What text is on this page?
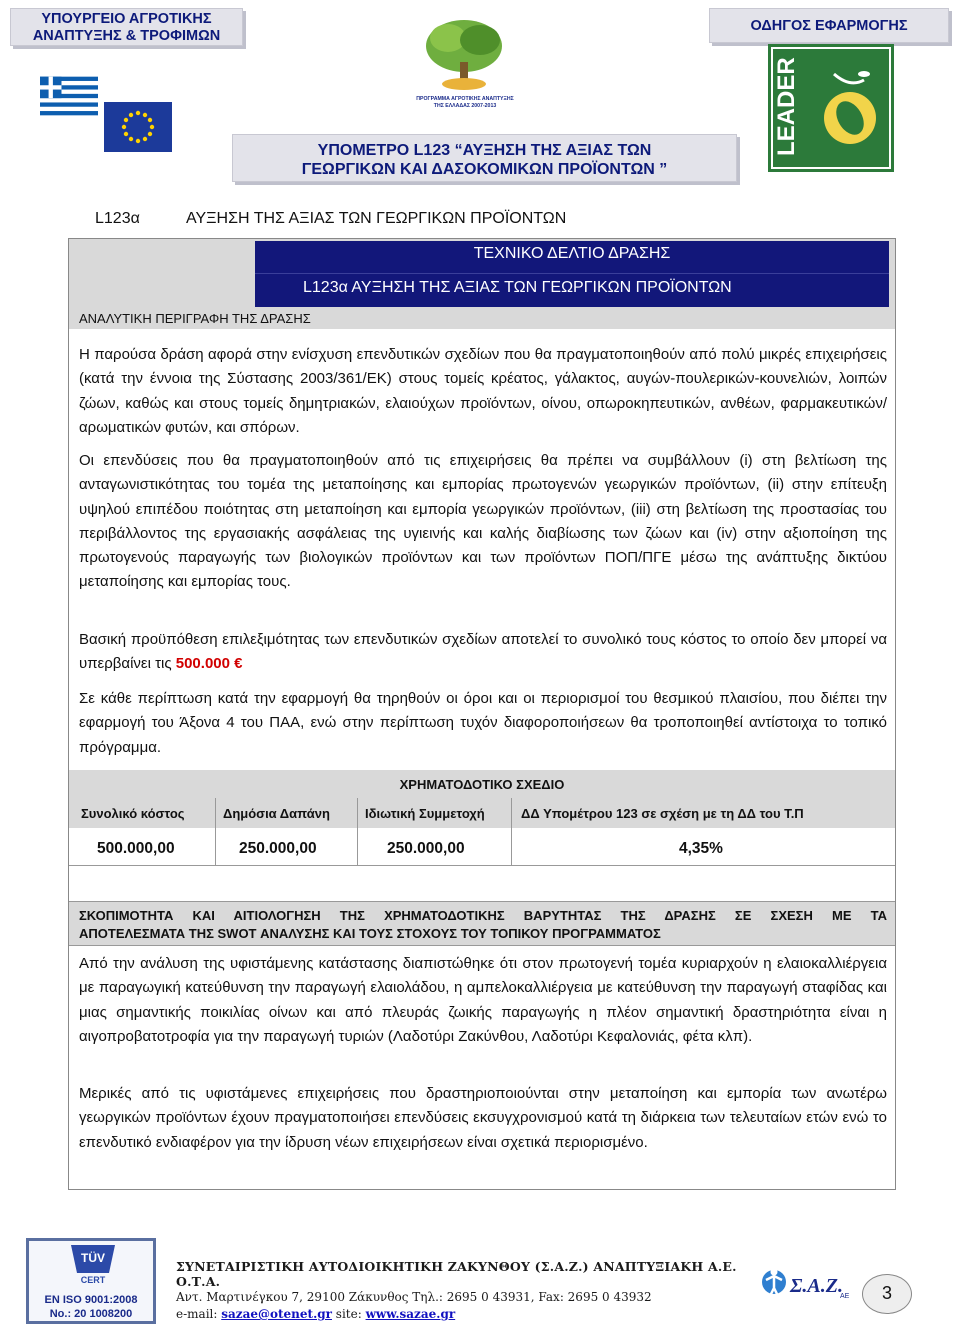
ΥΠΟΥΡΓΕΙΟ ΑΓΡΟΤΙΚΗΣ
ΑΝΑΠΤΥΞΗΣ & ΤΡΟΦΙΜΩΝ
ΟΔΗΓΟΣ ΕΦΑΡΜΟΓΗΣ
ΠΡΟΓΡΑΜΜΑ ΑΓΡΟΤΙΚΗΣ ΑΝΑΠΤΥΞΗΣ
ΤΗΣ ΕΛΛΑΔΑΣ 2007-2013	LEADER
ΥΠΟΜΕΤΡΟ L123 “ΑΥΞΗΣΗ ΤΗΣ ΑΞΙΑΣ ΤΩΝ
ΓΕΩΡΓΙΚΩΝ ΚΑΙ ΔΑΣΟΚΟΜΙΚΩΝ ΠΡΟΪΟΝΤΩΝ ”
L123α	ΑΥΞΗΣΗ ΤΗΣ ΑΞΙΑΣ ΤΩΝ ΓΕΩΡΓΙΚΩΝ ΠΡΟΪΟΝΤΩΝ
ΤΕΧΝΙΚΟ ΔΕΛΤΙΟ ΔΡΑΣΗΣ
L123α ΑΥΞΗΣΗ ΤΗΣ ΑΞΙΑΣ ΤΩΝ ΓΕΩΡΓΙΚΩΝ ΠΡΟΪΟΝΤΩΝ
ΑΝΑΛΥΤΙΚΗ ΠΕΡΙΓΡΑΦΗ ΤΗΣ ΔΡΑΣΗΣ
Η παρούσα δράση αφορά στην ενίσχυση επενδυτικών σχεδίων που θα πραγματοποιηθούν από πολύ μικρές επιχειρήσεις (κατά την έννοια της Σύστασης 2003/361/ΕΚ) στους τομείς κρέατος, γάλακτος, αυγών-πουλερικών-κουνελιών, λοιπών ζώων, καθώς και στους τομείς δημητριακών, ελαιούχων προϊόντων, οίνου, οπωροκηπευτικών, ανθέων, φαρμακευτικών/ αρωματικών φυτών, και σπόρων.
Οι επενδύσεις που θα πραγματοποιηθούν από τις επιχειρήσεις θα πρέπει να συμβάλλουν (i) στη βελτίωση της ανταγωνιστικότητας του τομέα της μεταποίησης και εμπορίας πρωτογενών γεωργικών προϊόντων, (ii) στην επίτευξη υψηλού επιπέδου ποιότητας στη μεταποίηση και εμπορία γεωργικών προϊόντων, (iii) στη βελτίωση της προστασίας του περιβάλλοντος της εργασιακής ασφάλειας της υγιεινής και καλής διαβίωσης των ζώων και (iv) στην αξιοποίηση της πρωτογενούς παραγωγής των βιολογικών προϊόντων και των προϊόντων ΠΟΠ/ΠΓΕ μέσω της ανάπτυξης δικτύου μεταποίησης και εμπορίας τους.
Βασική προϋπόθεση επιλεξιμότητας των επενδυτικών σχεδίων αποτελεί το συνολικό τους κόστος το οποίο δεν μπορεί να υπερβαίνει τις 500.000 €
Σε κάθε περίπτωση κατά την εφαρμογή θα τηρηθούν οι όροι και οι περιορισμοί του θεσμικού πλαισίου, που διέπει την εφαρμογή του Άξονα 4 του ΠΑΑ, ενώ στην περίπτωση τυχόν διαφοροποιήσεων θα τροποποιηθεί αντίστοιχα το τοπικό πρόγραμμα.
ΧΡΗΜΑΤΟΔΟΤΙΚΟ ΣΧΕΔΙΟ
Συνολικό κόστος	Δημόσια Δαπάνη	Ιδιωτική Συμμετοχή	ΔΔ Υπομέτρου 123 σε σχέση με τη ΔΔ του Τ.Π
500.000,00	250.000,00	250.000,00	4,35%
ΣΚΟΠΙΜΟΤΗΤΑ ΚΑΙ ΑΙΤΙΟΛΟΓΗΣΗ ΤΗΣ ΧΡΗΜΑΤΟΔΟΤΙΚΗΣ ΒΑΡΥΤΗΤΑΣ ΤΗΣ ΔΡΑΣΗΣ ΣΕ ΣΧΕΣΗ ΜΕ ΤΑ
ΑΠΟΤΕΛΕΣΜΑΤΑ ΤΗΣ SWOT ΑΝΑΛΥΣΗΣ ΚΑΙ ΤΟΥΣ ΣΤΟΧΟΥΣ ΤΟΥ ΤΟΠΙΚΟΥ ΠΡΟΓΡΑΜΜΑΤΟΣ
Από την ανάλυση της υφιστάμενης κατάστασης διαπιστώθηκε ότι στον πρωτογενή τομέα κυριαρχούν η ελαιοκαλλιέργεια με παραγωγική κατεύθυνση την παραγωγή ελαιολάδου, η αμπελοκαλλιέργεια με κατεύθυνση την παραγωγή σταφίδας και μιας σημαντικής ποικιλίας οίνων και από πλευράς ζωικής παραγωγής η πλέον σημαντική δραστηριότητα είναι η αιγοπροβατοτροφία για την παραγωγή τυριών (Λαδοτύρι Ζακύνθου, Λαδοτύρι Κεφαλονιάς, φέτα κλπ).
Μερικές από τις υφιστάμενες επιχειρήσεις που δραστηριοποιούνται στην μεταποίηση και εμπορία των ανωτέρω γεωργικών προϊόντων έχουν πραγματοποιήσει επενδύσεις εκσυγχρονισμού κατά τη διάρκεια των τελευταίων ετών ενώ το επενδυτικό ενδιαφέρον για την ίδρυση νέων επιχειρήσεων είναι σχετικά περιορισμένο.
TÜV
CERT
EN ISO 9001:2008
No.: 20 1008200
ΣΥΝΕΤΑΙΡΙΣΤΙΚΗ ΑΥΤΟΔΙΟΙΚΗΤΙΚΗ ΖΑΚΥΝΘΟΥ (Σ.Α.Ζ.) ΑΝΑΠΤΥΞΙΑΚΗ Α.Ε. Ο.Τ.Α.
Αντ. Μαρτινέγκου 7, 29100 Ζάκυνθος Τηλ.: 2695 0 43931, Fax: 2695 0 43932
e-mail: sazae@otenet.gr site: www.sazae.gr
Σ.Α.Ζ.
ΑΕ	3
